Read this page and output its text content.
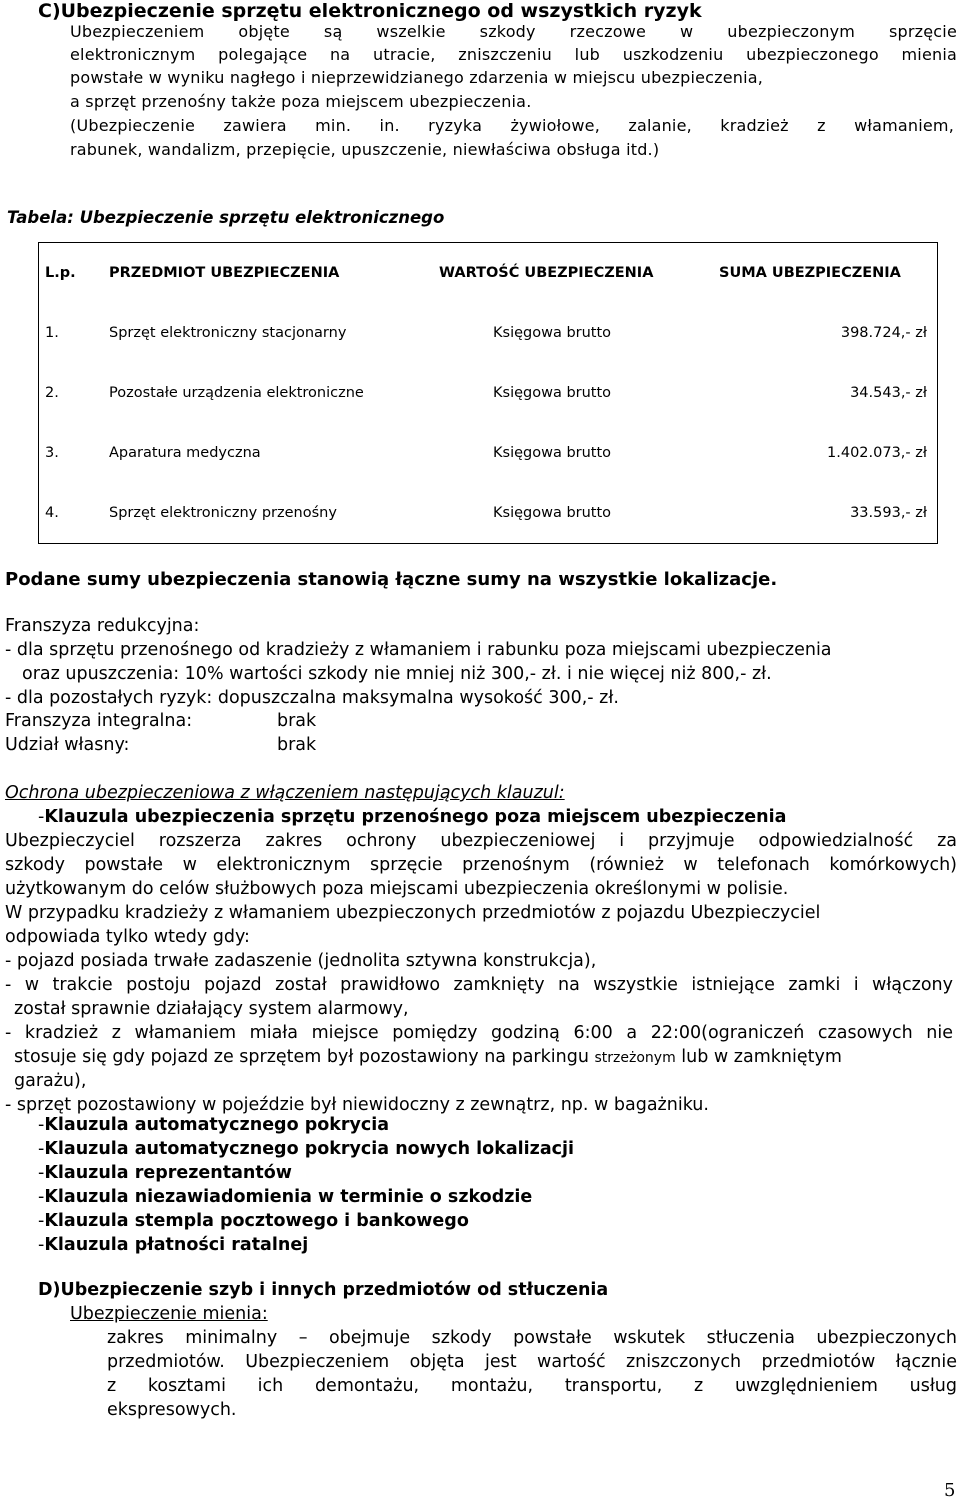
C)Ubezpieczenie sprzętu elektronicznego od wszystkich ryzyk
Ubezpieczeniem objęte są wszelkie szkody rzeczowe w ubezpieczonym sprzęcie
elektronicznym polegające na utracie, zniszczeniu lub uszkodzeniu ubezpieczonego mienia
powstałe w wyniku nagłego i nieprzewidzianego zdarzenia w miejscu ubezpieczenia,
a sprzęt przenośny także poza miejscem ubezpieczenia.
(Ubezpieczenie zawiera min. in. ryzyka żywiołowe, zalanie, kradzież z włamaniem,
rabunek, wandalizm, przepięcie, upuszczenie, niewłaściwa obsługa itd.)
Tabela: Ubezpieczenie sprzętu elektronicznego
L.p.	PRZEDMIOT UBEZPIECZENIA	WARTOŚĆ UBEZPIECZENIA	SUMA UBEZPIECZENIA
1.	Sprzęt elektroniczny stacjonarny	Księgowa brutto	398.724,- zł
2.	Pozostałe urządzenia elektroniczne	Księgowa brutto	34.543,- zł
3.	Aparatura medyczna	Księgowa brutto	1.402.073,- zł
4.	Sprzęt elektroniczny przenośny	Księgowa brutto	33.593,- zł
Podane sumy ubezpieczenia stanowią łączne sumy na wszystkie lokalizacje.
Franszyza redukcyjna:
- dla sprzętu przenośnego od kradzieży z włamaniem i rabunku poza miejscami ubezpieczenia
oraz upuszczenia: 10% wartości szkody nie mniej niż 300,- zł. i nie więcej niż 800,- zł.
- dla pozostałych ryzyk: dopuszczalna maksymalna wysokość 300,- zł.
Franszyza integralna:	brak
Udział własny:	brak
Ochrona ubezpieczeniowa z włączeniem następujących klauzul:
-Klauzula ubezpieczenia sprzętu przenośnego poza miejscem ubezpieczenia
Ubezpieczyciel rozszerza zakres ochrony ubezpieczeniowej i przyjmuje odpowiedzialność za
szkody powstałe w elektronicznym sprzęcie przenośnym (również w telefonach komórkowych)
użytkowanym do celów służbowych poza miejscami ubezpieczenia określonymi w polisie.
W przypadku kradzieży z włamaniem ubezpieczonych przedmiotów z pojazdu Ubezpieczyciel
odpowiada tylko wtedy gdy:
- pojazd posiada trwałe zadaszenie (jednolita sztywna konstrukcja),
- w trakcie postoju pojazd został prawidłowo zamknięty na wszystkie istniejące zamki i włączony
został sprawnie działający system alarmowy,
- kradzież z włamaniem miała miejsce pomiędzy godziną 6:00 a 22:00(ograniczeń czasowych nie
stosuje się gdy pojazd ze sprzętem był pozostawiony na parkingu strzeżonym lub w zamkniętym
garażu),
- sprzęt pozostawiony w pojeździe był niewidoczny z zewnątrz, np. w bagażniku.
-Klauzula automatycznego pokrycia
-Klauzula automatycznego pokrycia nowych lokalizacji
-Klauzula reprezentantów
-Klauzula niezawiadomienia w terminie o szkodzie
-Klauzula stempla pocztowego i bankowego
-Klauzula płatności ratalnej
D)Ubezpieczenie szyb i innych przedmiotów od stłuczenia
Ubezpieczenie mienia:
zakres minimalny – obejmuje szkody powstałe wskutek stłuczenia ubezpieczonych
przedmiotów. Ubezpieczeniem objęta jest wartość zniszczonych przedmiotów łącznie
z kosztami ich demontażu, montażu, transportu, z uwzględnieniem usług
ekspresowych.
5
